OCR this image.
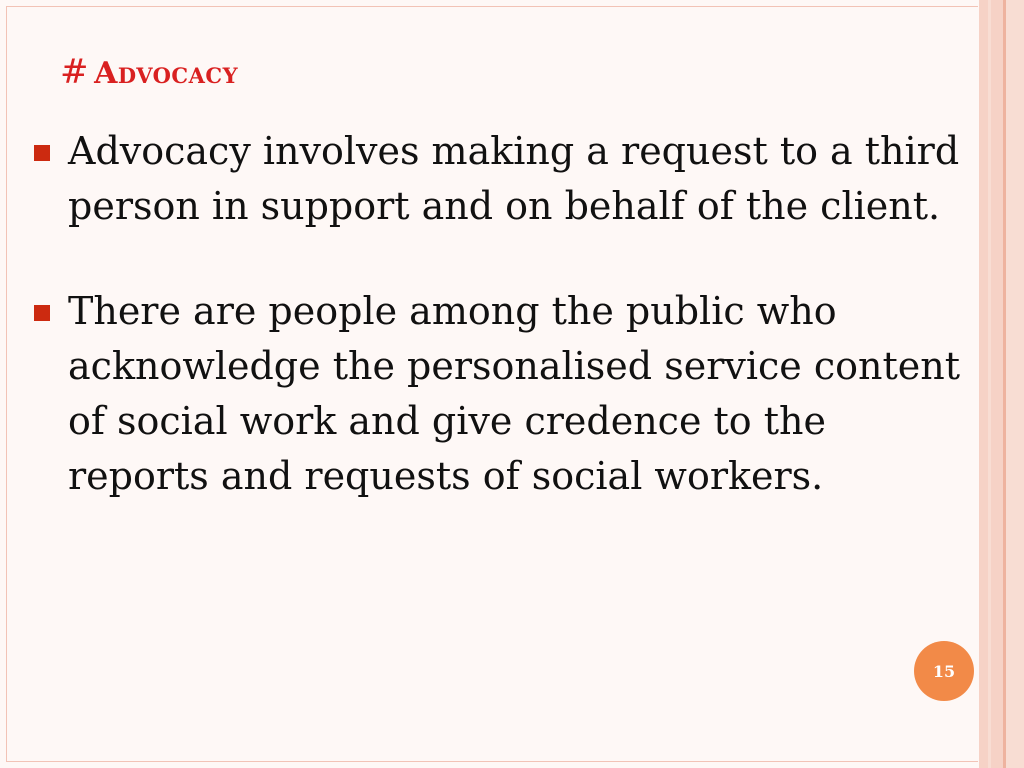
# Advocacy
Advocacy involves making a request to a third person in support and on behalf of the client.
There are people among the public who acknowledge the personalised service content of social work and give credence to the reports and requests of social workers.
15
